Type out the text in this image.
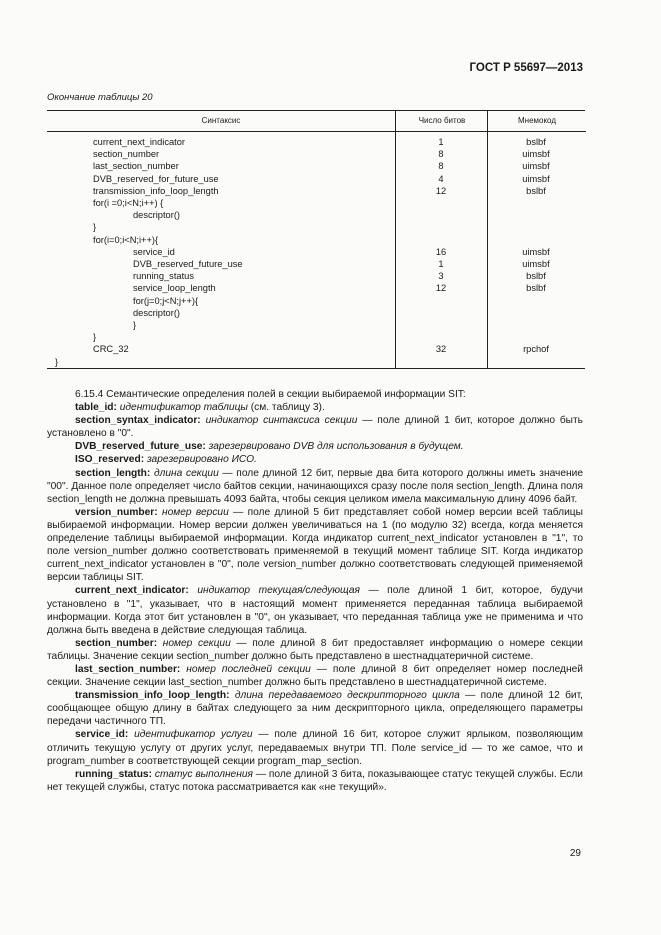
ГОСТ Р 55697—2013
Окончание таблицы 20
Синтаксис	Число битов	Мнемокод
current_next_indicator	1	bslbf
section_number	8	uimsbf
last_section_number	8	uimsbf
DVB_reserved_for_future_use	4	uimsbf
transmission_info_loop_length	12	bslbf
for(i =0;i<N;i++) {
descriptor()
}
for(i=0;i<N;i++){
service_id	16	uimsbf
DVB_reserved_future_use	1	uimsbf
running_status	3	bslbf
service_loop_length	12	bslbf
for(j=0;j<N;j++){
descriptor()
}
}
CRC_32	32	rpchof
}

6.15.4 Семантические определения полей в секции выбираемой информации SIT:

table_id: идентификатор таблицы (см. таблицу 3).

section_syntax_indicator: индикатор синтаксиса секции — поле длиной 1 бит, которое должно быть установлено в "0".

DVB_reserved_future_use: зарезервировано DVB для использования в будущем.

ISO_reserved: зарезервировано ИСО.

section_length: длина секции — поле длиной 12 бит, первые два бита которого должны иметь значение "00". Данное поле определяет число байтов секции, начинающихся сразу после поля section_length. Длина поля section_length не должна превышать 4093 байта, чтобы секция целиком имела максимальную длину 4096 байт.

version_number: номер версии — поле длиной 5 бит представляет собой номер версии всей таблицы выбираемой информации. Номер версии должен увеличиваться на 1 (по модулю 32) всегда, когда меняется определение таблицы выбираемой информации. Когда индикатор current_next_indicator установлен в "1", то поле version_number должно соответствовать применяемой в текущий момент таблице SIT. Когда индикатор current_next_indicator установлен в "0", поле version_number должно соответствовать следующей применяемой версии таблицы SIT.

current_next_indicator: индикатор текущая/следующая — поле длиной 1 бит, которое, будучи установлено в "1", указывает, что в настоящий момент применяется переданная таблица выбираемой информации. Когда этот бит установлен в "0", он указывает, что переданная таблица уже не применима и что должна быть введена в действие следующая таблица.

section_number: номер секции — поле длиной 8 бит предоставляет информацию о номере секции таблицы. Значение секции section_number должно быть представлено в шестнадцатеричной системе.

last_section_number: номер последней секции — поле длиной 8 бит определяет номер последней секции. Значение секции last_section_number должно быть представлено в шестнадцатеричной системе.

transmission_info_loop_length: длина передаваемого дескрипторного цикла — поле длиной 12 бит, сообщающее общую длину в байтах следующего за ним дескрипторного цикла, определяющего параметры передачи частичного ТП.

service_id: идентификатор услуги — поле длиной 16 бит, которое служит ярлыком, позволяющим отличить текущую услугу от других услуг, передаваемых внутри ТП. Поле service_id — то же самое, что и program_number в соответствующей секции program_map_section.

running_status: статус выполнения — поле длиной 3 бита, показывающее статус текущей службы. Если нет текущей службы, статус потока рассматривается как «не текущий».

29
